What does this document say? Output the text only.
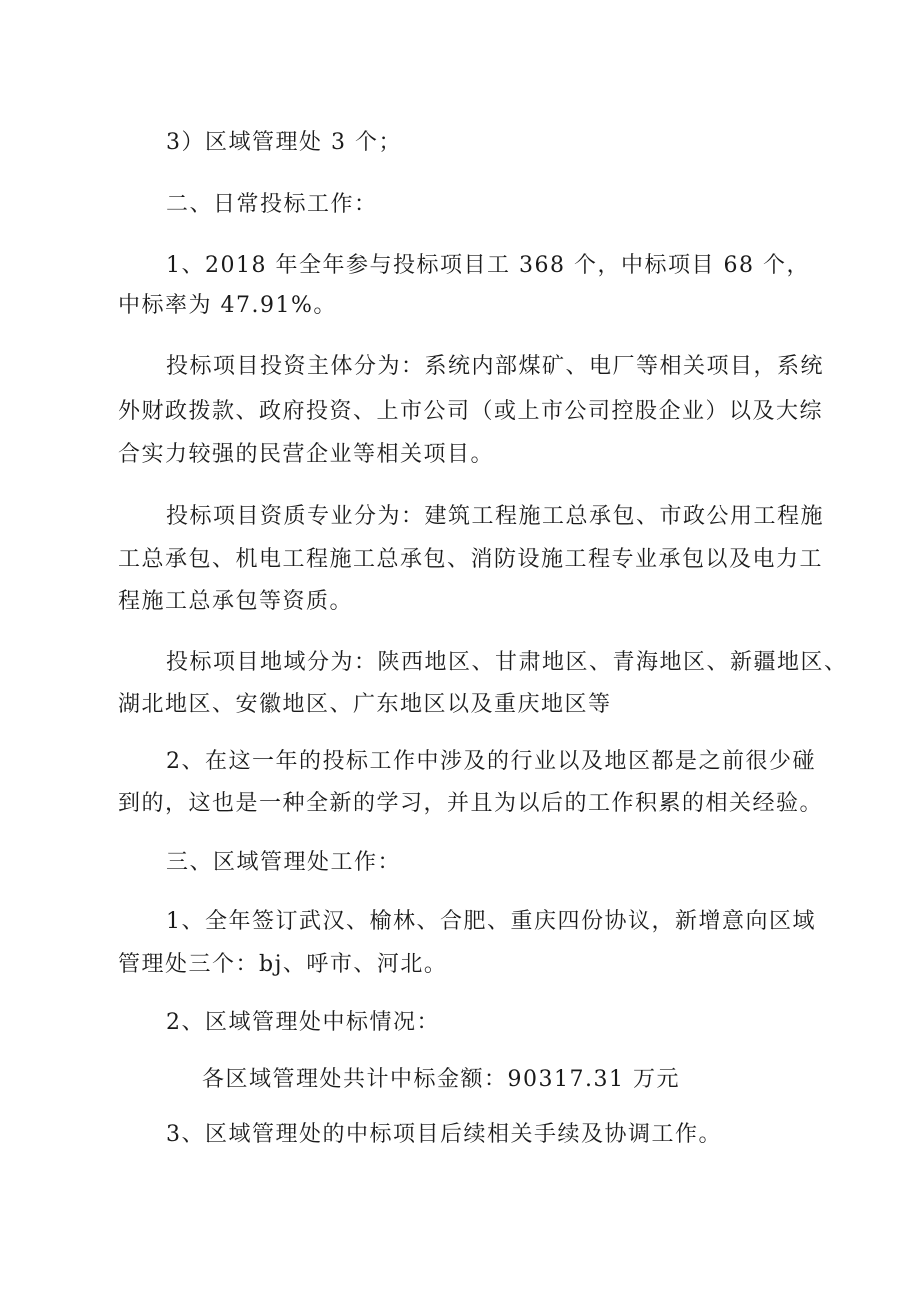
3）区域管理处 3 个；

二、日常投标工作：

1、2018 年全年参与投标项目工 368 个，中标项目 68 个，

中标率为 47.91%。

投标项目投资主体分为：系统内部煤矿、电厂等相关项目，系统

外财政拨款、政府投资、上市公司（或上市公司控股企业）以及大综

合实力较强的民营企业等相关项目。

投标项目资质专业分为：建筑工程施工总承包、市政公用工程施

工总承包、机电工程施工总承包、消防设施工程专业承包以及电力工

程施工总承包等资质。

投标项目地域分为：陕西地区、甘肃地区、青海地区、新疆地区、

湖北地区、安徽地区、广东地区以及重庆地区等

2、在这一年的投标工作中涉及的行业以及地区都是之前很少碰

到的，这也是一种全新的学习，并且为以后的工作积累的相关经验。

三、区域管理处工作：

1、全年签订武汉、榆林、合肥、重庆四份协议，新增意向区域

管理处三个：bj、呼市、河北。

2、区域管理处中标情况：

各区域管理处共计中标金额：90317.31 万元

3、区域管理处的中标项目后续相关手续及协调工作。
